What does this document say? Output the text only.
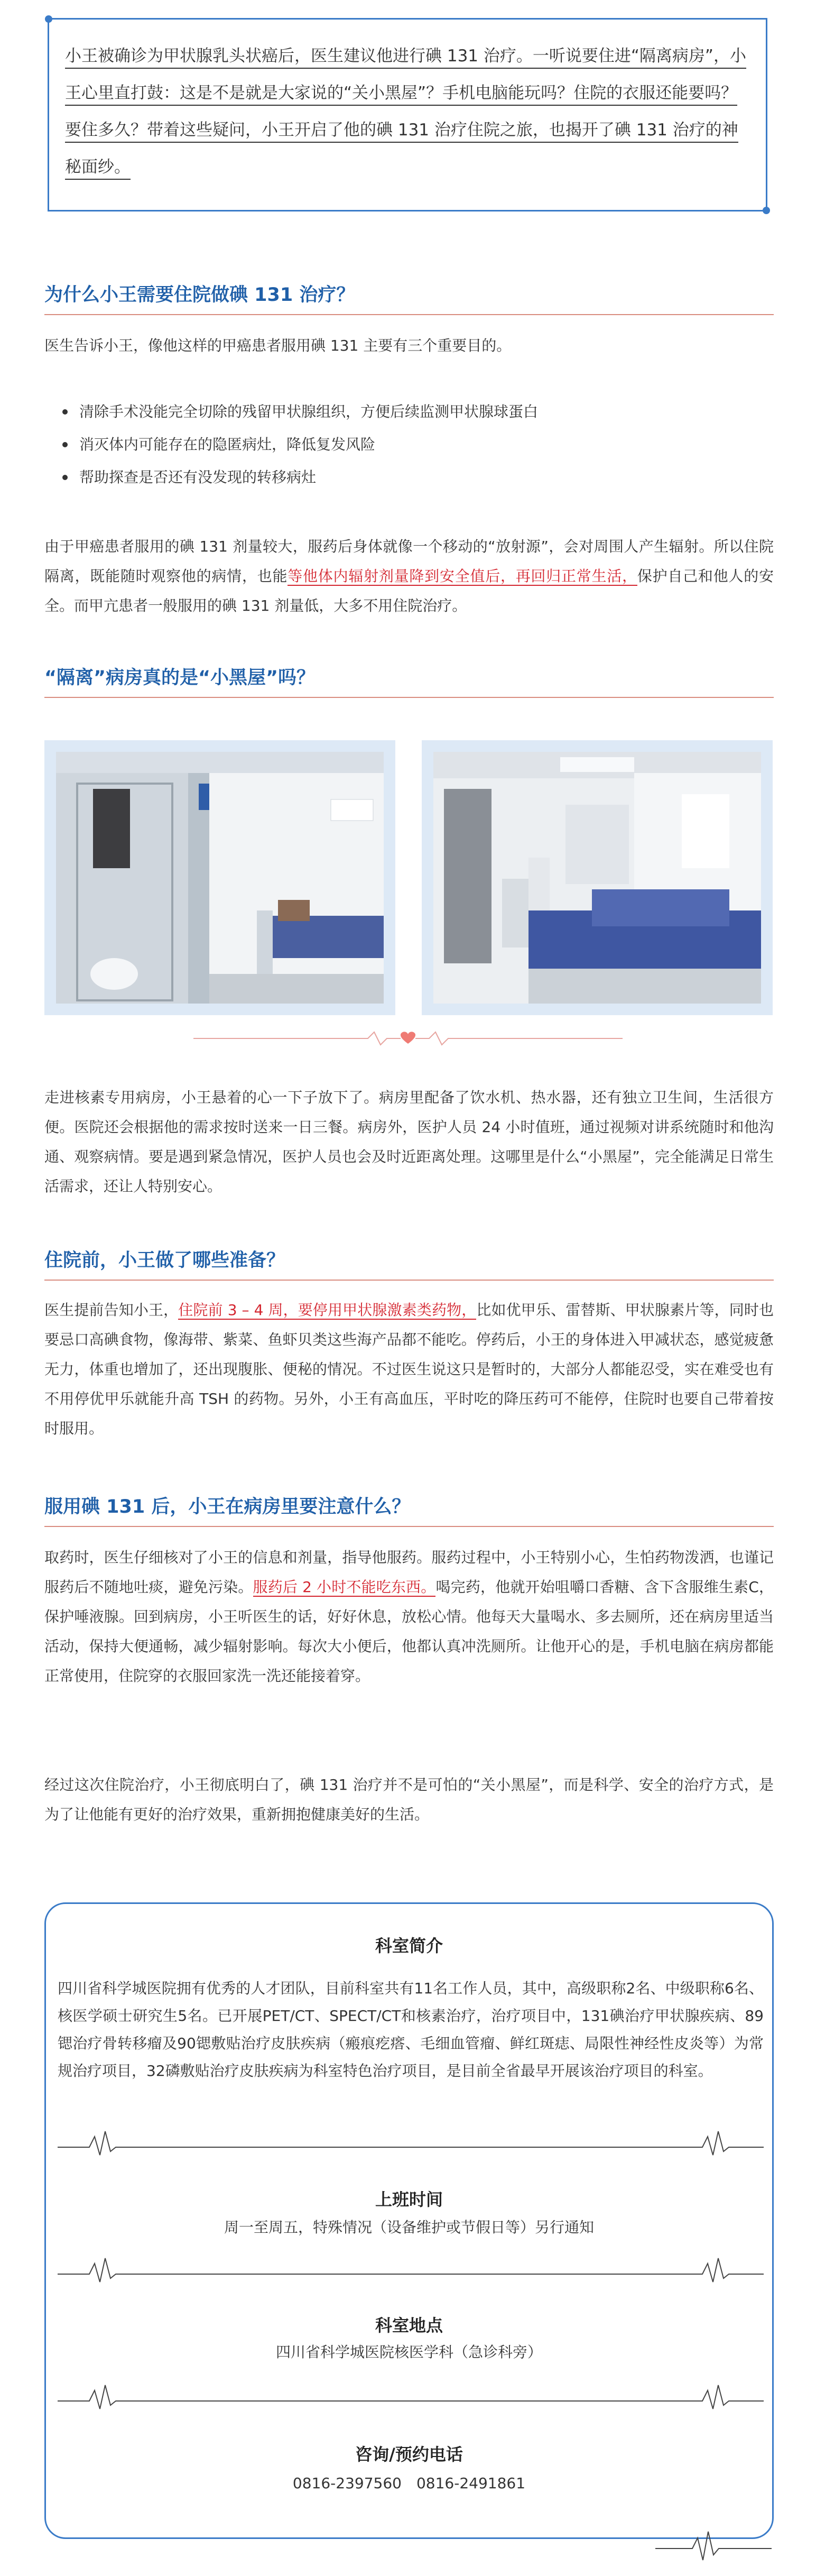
小王被确诊为甲状腺乳头状癌后，医生建议他进行碘 131 治疗。一听说要住进“隔离病房”，小王心里直打鼓：这是不是就是大家说的“关小黑屋”？手机电脑能玩吗？住院的衣服还能要吗？要住多久？带着这些疑问，小王开启了他的碘 131 治疗住院之旅，也揭开了碘 131 治疗的神秘面纱。
为什么小王需要住院做碘 131 治疗？
医生告诉小王，像他这样的甲癌患者服用碘 131 主要有三个重要目的。
清除手术没能完全切除的残留甲状腺组织，方便后续监测甲状腺球蛋白
消灭体内可能存在的隐匿病灶，降低复发风险
帮助探查是否还有没发现的转移病灶
由于甲癌患者服用的碘 131 剂量较大，服药后身体就像一个移动的“放射源”，会对周围人产生辐射。所以住院隔离，既能随时观察他的病情，也能等他体内辐射剂量降到安全值后，再回归正常生活，保护自己和他人的安全。而甲亢患者一般服用的碘 131 剂量低，大多不用住院治疗。
“隔离”病房真的是“小黑屋”吗？
走进核素专用病房，小王悬着的心一下子放下了。病房里配备了饮水机、热水器，还有独立卫生间，生活很方便。医院还会根据他的需求按时送来一日三餐。病房外，医护人员 24 小时值班，通过视频对讲系统随时和他沟通、观察病情。要是遇到紧急情况，医护人员也会及时近距离处理。这哪里是什么“小黑屋”，完全能满足日常生活需求，还让人特别安心。
住院前，小王做了哪些准备？
医生提前告知小王，住院前 3 – 4 周，要停用甲状腺激素类药物，比如优甲乐、雷替斯、甲状腺素片等，同时也要忌口高碘食物，像海带、紫菜、鱼虾贝类这些海产品都不能吃。停药后，小王的身体进入甲减状态，感觉疲惫无力，体重也增加了，还出现腹胀、便秘的情况。不过医生说这只是暂时的，大部分人都能忍受，实在难受也有不用停优甲乐就能升高 TSH 的药物。另外，小王有高血压，平时吃的降压药可不能停，住院时也要自己带着按时服用。
服用碘 131 后，小王在病房里要注意什么？
取药时，医生仔细核对了小王的信息和剂量，指导他服药。服药过程中，小王特别小心，生怕药物泼洒，也谨记服药后不随地吐痰，避免污染。服药后 2 小时不能吃东西。喝完药，他就开始咀嚼口香糖、含下含服维生素C，保护唾液腺。回到病房，小王听医生的话，好好休息，放松心情。他每天大量喝水、多去厕所，还在病房里适当活动，保持大便通畅，减少辐射影响。每次大小便后，他都认真冲洗厕所。让他开心的是，手机电脑在病房都能正常使用，住院穿的衣服回家洗一洗还能接着穿。
经过这次住院治疗，小王彻底明白了，碘 131 治疗并不是可怕的“关小黑屋”，而是科学、安全的治疗方式，是为了让他能有更好的治疗效果，重新拥抱健康美好的生活。
科室简介
四川省科学城医院拥有优秀的人才团队，目前科室共有11名工作人员，其中，高级职称2名、中级职称6名、核医学硕士研究生5名。已开展PET/CT、SPECT/CT和核素治疗，治疗项目中，131碘治疗甲状腺疾病、89锶治疗骨转移瘤及90锶敷贴治疗皮肤疾病（瘢痕疙瘩、毛细血管瘤、鲜红斑痣、局限性神经性皮炎等）为常规治疗项目，32磷敷贴治疗皮肤疾病为科室特色治疗项目，是目前全省最早开展该治疗项目的科室。
上班时间
周一至周五，特殊情况（设备维护或节假日等）另行通知
科室地点
四川省科学城医院核医学科（急诊科旁）
咨询/预约电话
0816-2397560　0816-2491861
